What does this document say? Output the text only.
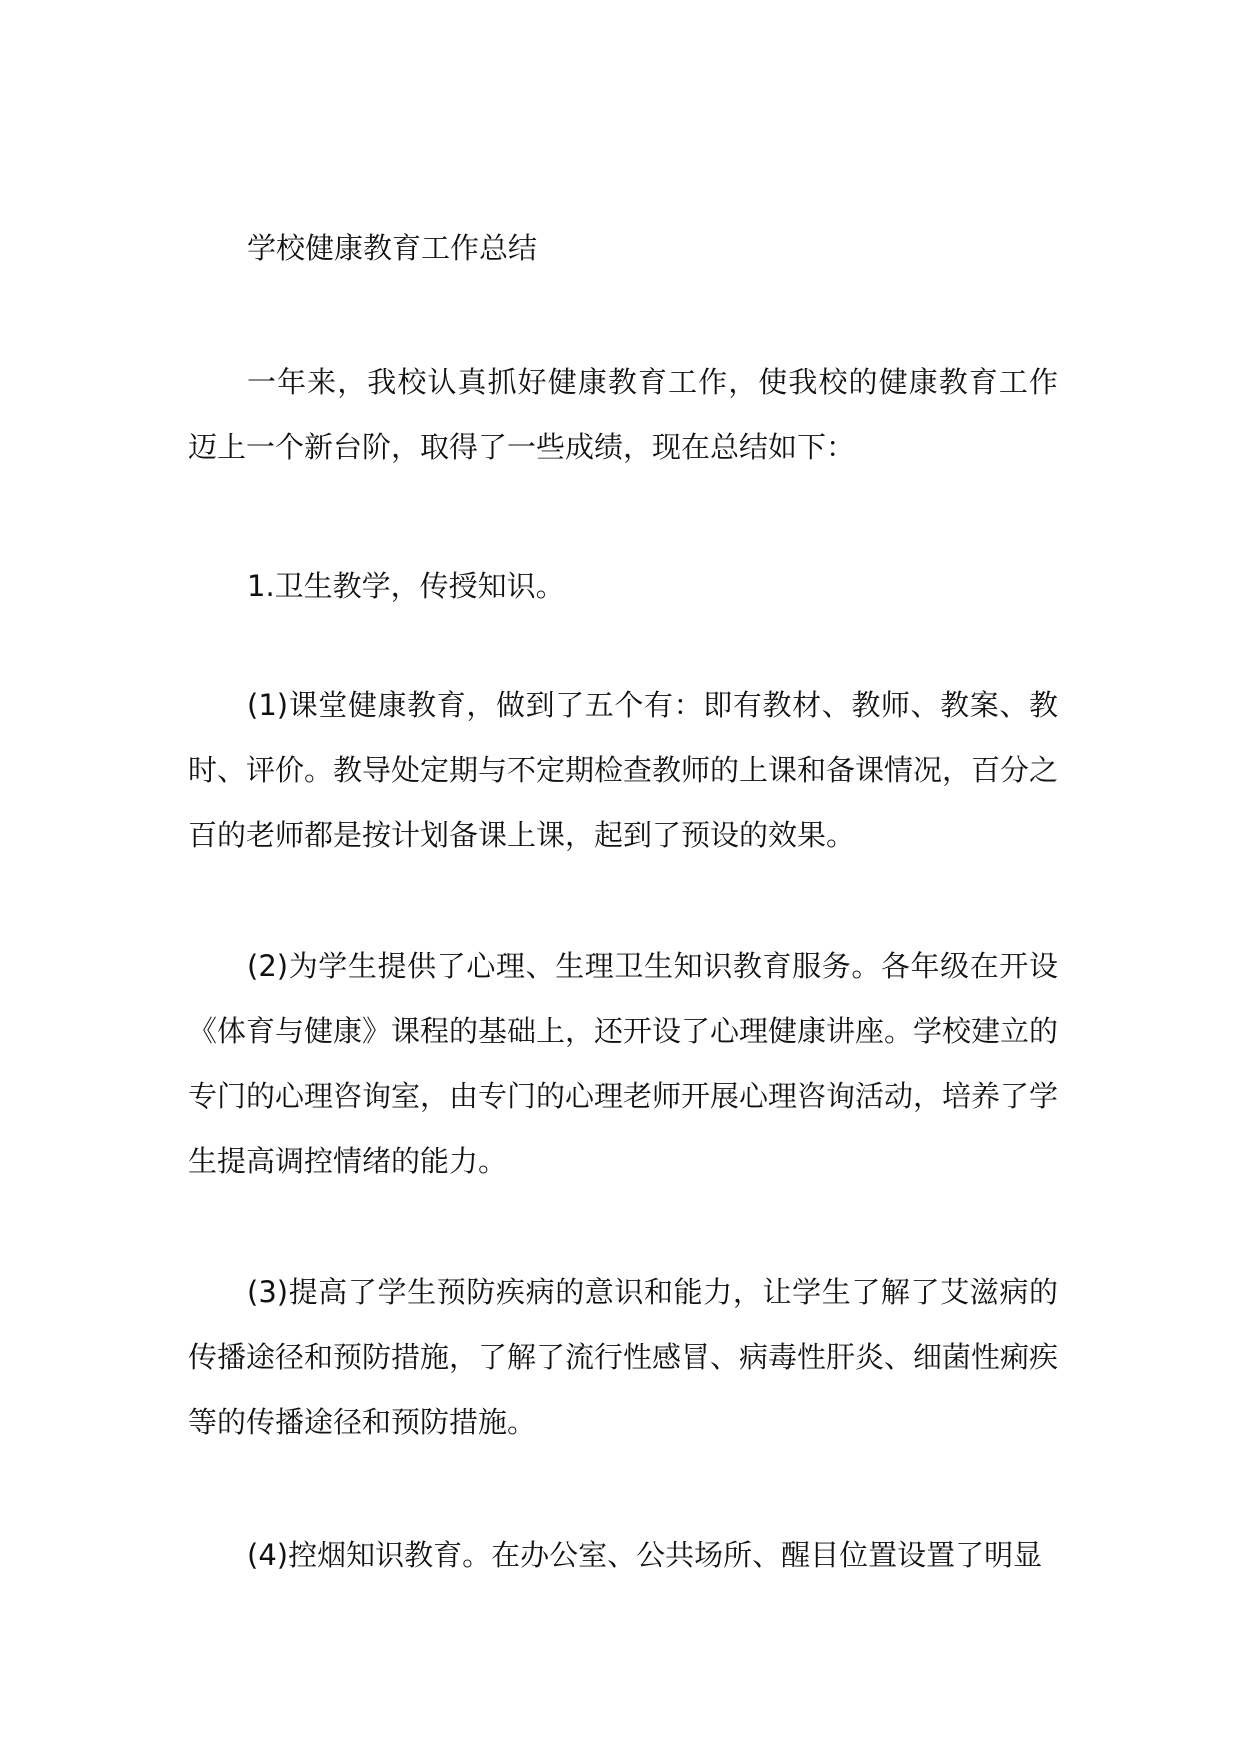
学校健康教育工作总结

一年来，我校认真抓好健康教育工作，使我校的健康教育工作迈上一个新台阶，取得了一些成绩，现在总结如下：

1.卫生教学，传授知识。

(1)课堂健康教育，做到了五个有：即有教材、教师、教案、教时、评价。教导处定期与不定期检查教师的上课和备课情况，百分之百的老师都是按计划备课上课，起到了预设的效果。

(2)为学生提供了心理、生理卫生知识教育服务。各年级在开设《体育与健康》课程的基础上，还开设了心理健康讲座。学校建立的专门的心理咨询室，由专门的心理老师开展心理咨询活动，培养了学生提高调控情绪的能力。

(3)提高了学生预防疾病的意识和能力，让学生了解了艾滋病的传播途径和预防措施，了解了流行性感冒、病毒性肝炎、细菌性痢疾等的传播途径和预防措施。

(4)控烟知识教育。在办公室、公共场所、醒目位置设置了明显
